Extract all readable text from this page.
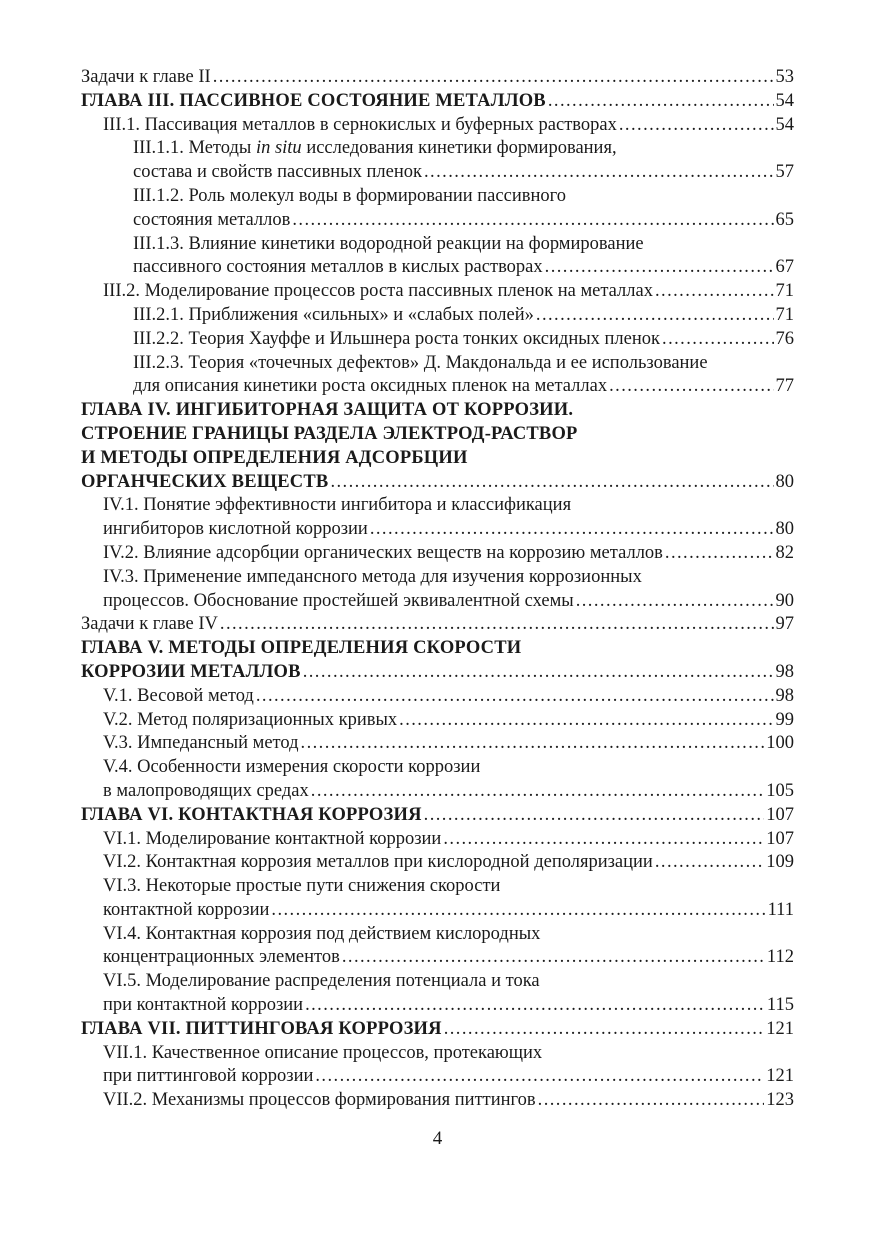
Задачи к главе II . . .	53
ГЛАВА III. ПАССИВНОЕ СОСТОЯНИЕ МЕТАЛЛОВ . . .	54
III.1. Пассивация металлов в сернокислых и буферных растворах . . .	54
III.1.1. Методы in situ исследования кинетики формирования,
состава и свойств пассивных пленок . . .	57
III.1.2. Роль молекул воды в формировании пассивного
состояния металлов . . .	65
III.1.3. Влияние кинетики водородной реакции на формирование
пассивного состояния металлов в кислых растворах . . .	67
III.2. Моделирование процессов роста пассивных пленок на металлах . . .	71
III.2.1. Приближения «сильных» и «слабых полей» . . .	71
III.2.2. Теория Хауффе и Ильшнера роста тонких оксидных пленок . . .	76
III.2.3. Теория «точечных дефектов» Д. Макдональда и ее использование
для описания кинетики роста оксидных пленок на металлах . . .	77
ГЛАВА IV. ИНГИБИТОРНАЯ ЗАЩИТА ОТ КОРРОЗИИ.
СТРОЕНИЕ ГРАНИЦЫ РАЗДЕЛА ЭЛЕКТРОД-РАСТВОР
И МЕТОДЫ ОПРЕДЕЛЕНИЯ АДСОРБЦИИ
ОРГАНЧЕСКИХ ВЕЩЕСТВ . . .	80
IV.1. Понятие эффективности ингибитора и классификация
ингибиторов кислотной коррозии . . .	80
IV.2. Влияние адсорбции органических веществ на коррозию металлов . . .	82
IV.3. Применение импедансного метода для изучения коррозионных
процессов. Обоснование простейшей эквивалентной схемы . . .	90
Задачи к главе IV . . .	97
ГЛАВА V. МЕТОДЫ ОПРЕДЕЛЕНИЯ СКОРОСТИ
КОРРОЗИИ МЕТАЛЛОВ . . .	98
V.1. Весовой метод . . .	98
V.2. Метод поляризационных кривых . . .	99
V.3. Импедансный метод . . .	100
V.4. Особенности измерения скорости коррозии
в малопроводящих средах . . .	105
ГЛАВА VI. КОНТАКТНАЯ КОРРОЗИЯ . . .	107
VI.1. Моделирование контактной коррозии . . .	107
VI.2. Контактная коррозия металлов при кислородной деполяризации . . .	109
VI.3. Некоторые простые пути снижения скорости
контактной коррозии . . .	111
VI.4. Контактная коррозия под действием кислородных
концентрационных элементов . . .	112
VI.5. Моделирование распределения потенциала и тока
при контактной коррозии . . .	115
ГЛАВА VII. ПИТТИНГОВАЯ КОРРОЗИЯ . . .	121
VII.1. Качественное описание процессов, протекающих
при питтинговой коррозии . . .	121
VII.2. Механизмы процессов формирования питтингов . . .	123
4
